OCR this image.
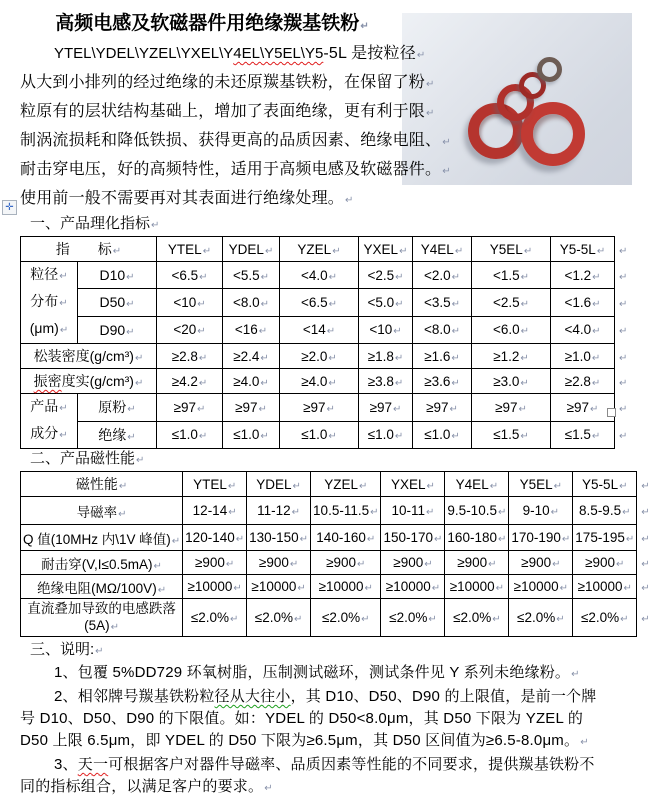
✛
高频电感及软磁器件用绝缘羰基铁粉↵
YTEL\YDEL\YZEL\YXEL\Y4EL\Y5EL\Y5-5L 是按粒径↵
从大到小排列的经过绝缘的未还原羰基铁粉，在保留了粉↵
粒原有的层状结构基础上，增加了表面绝缘，更有利于限↵
制涡流损耗和降低铁损、获得更高的品质因素、绝缘电阻、↵
耐击穿电压，好的高频特性，适用于高频电感及软磁器件。↵
使用前一般不需要再对其表面进行绝缘处理。↵
一、产品理化指标↵
指　　标↵		YTEL↵	YDEL↵	YZEL↵	YXEL↵	Y4EL↵	Y5EL↵	Y5-5L↵	↵

粒径↵
分布↵
(μm)↵	D10↵	<6.5↵	<5.5↵	<4.0↵	<2.5↵	<2.0↵	<1.5↵	<1.2↵	↵
	D50↵	<10↵	<8.0↵	<6.5↵	<5.0↵	<3.5↵	<2.5↵	<1.6↵	↵
	D90↵	<20↵	<16↵	<14↵	<10↵	<8.0↵	<6.0↵	<4.0↵	↵
松装密度(g/cm³)↵		≥2.8↵	≥2.4↵	≥2.0↵	≥1.8↵	≥1.6↵	≥1.2↵	≥1.0↵	↵
振密度实(g/cm³)↵		≥4.2↵	≥4.0↵	≥4.0↵	≥3.8↵	≥3.6↵	≥3.0↵	≥2.8↵	↵

产品↵
成分↵	原粉↵	≥97↵	≥97↵	≥97↵	≥97↵	≥97↵	≥97↵	≥97↵	↵
	绝缘↵	≤1.0↵	≤1.0↵	≤1.0↵	≤1.0↵	≤1.0↵	≤1.5↵	≤1.5↵	↵
二、产品磁性能↵
磁性能↵	YTEL↵	YDEL↵	YZEL↵	YXEL↵	Y4EL↵	Y5EL↵	Y5-5L↵	↵
导磁率↵	12-14↵	11-12↵	10.5-11.5↵	10-11↵	9.5-10.5↵	9-10↵	8.5-9.5↵	↵
Q 值(10MHz 内\1V 峰值)↵	120-140↵	130-150↵	140-160↵	150-170↵	160-180↵	170-190↵	175-195↵	↵
耐击穿(V,I≤0.5mA)↵	≥900↵	≥900↵	≥900↵	≥900↵	≥900↵	≥900↵	≥900↵	↵
绝缘电阻(MΩ/100V)↵	≥10000↵	≥10000↵	≥10000↵	≥10000↵	≥10000↵	≥10000↵	≥10000↵	↵

直流叠加导致的电感跌落
(5A)↵	≤2.0%↵	≤2.0%↵	≤2.0%↵	≤2.0%↵	≤2.0%↵	≤2.0%↵	≤2.0%↵	↵
三、说明:↵
1、包覆 5%DD729 环氧树脂，压制测试磁环，测试条件见 Y 系列未绝缘粉。↵
2、相邻牌号羰基铁粉粒径从大往小，其 D10、D50、D90 的上限值，是前一个牌
号 D10、D50、D90 的下限值。如：YDEL 的 D50<8.0μm，其 D50 下限为 YZEL 的
D50 上限 6.5μm，即 YDEL 的 D50 下限为≥6.5μm，其 D50 区间值为≥6.5-8.0μm。↵
3、天一可根据客户对器件导磁率、品质因素等性能的不同要求，提供羰基铁粉不
同的指标组合，以满足客户的要求。↵
